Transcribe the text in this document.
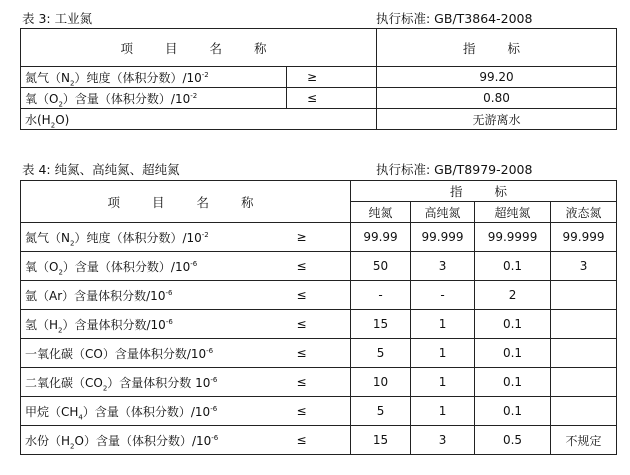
表 3: 工业氮	执行标准: GB/T3864-2008
项 目 名 称		指 标
氮气$(N_2)$纯度（体积分数）$/10^{-2}$	≥	99.20
氧$(O_2)$含量（体积分数）$/10^{-2}$	≤	0.80
水$(H_2O)$		无游离水
表 4: 纯氮、高纯氮、超纯氮	执行标准: GB/T8979-2008
项 目 名 称		指 标			
		纯氮	高纯氮	超纯氮	液态氮
氮气$(N_2)$纯度（体积分数）$/10^{-2}$	≥	99.99	99.999	99.9999	99.999
氧$(O_2)$含量（体积分数）$/10^{-6}$	≤	50	3	0.1	3
氩（Ar）含量体积分数$/10^{-6}$	≤	-	-	2	
氢$(H_2)$含量体积分数$/10^{-6}$	≤	15	1	0.1	
一氧化碳（CO）含量体积分数$/10^{-6}$	≤	5	1	0.1	
二氧化碳$(CO_2)$含量体积分数 $10^{-6}$	≤	10	1	0.1	
甲烷$(CH_4)$含量（体积分数）$/10^{-6}$	≤	5	1	0.1	
水份$(H_2O)$含量（体积分数）$/10^{-6}$	≤	15	3	0.5	不规定
